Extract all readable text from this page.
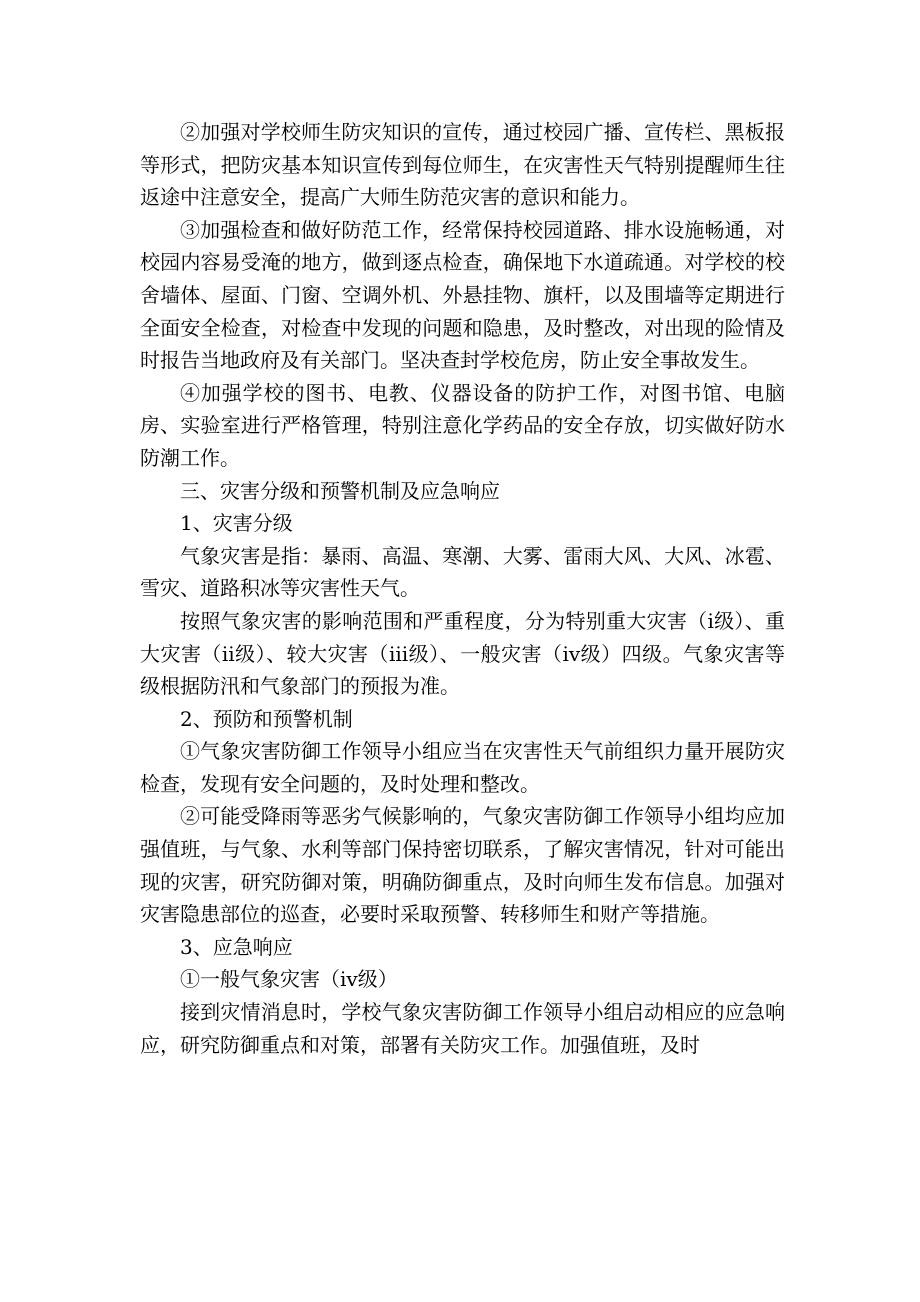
②加强对学校师生防灾知识的宣传，通过校园广播、宣传栏、黑板报等形式，把防灾基本知识宣传到每位师生，在灾害性天气特别提醒师生往返途中注意安全，提高广大师生防范灾害的意识和能力。

③加强检查和做好防范工作，经常保持校园道路、排水设施畅通，对校园内容易受淹的地方，做到逐点检查，确保地下水道疏通。对学校的校舍墙体、屋面、门窗、空调外机、外悬挂物、旗杆，以及围墙等定期进行全面安全检查，对检查中发现的问题和隐患，及时整改，对出现的险情及时报告当地政府及有关部门。坚决查封学校危房，防止安全事故发生。

④加强学校的图书、电教、仪器设备的防护工作，对图书馆、电脑房、实验室进行严格管理，特别注意化学药品的安全存放，切实做好防水防潮工作。

三、灾害分级和预警机制及应急响应

1、灾害分级

气象灾害是指：暴雨、高温、寒潮、大雾、雷雨大风、大风、冰雹、雪灾、道路积冰等灾害性天气。

按照气象灾害的影响范围和严重程度，分为特别重大灾害（ⅰ级）、重大灾害（ⅱ级）、较大灾害（ⅲ级）、一般灾害（ⅳ级）四级。气象灾害等级根据防汛和气象部门的预报为准。

2、预防和预警机制

①气象灾害防御工作领导小组应当在灾害性天气前组织力量开展防灾检查，发现有安全问题的，及时处理和整改。

②可能受降雨等恶劣气候影响的，气象灾害防御工作领导小组均应加强值班，与气象、水利等部门保持密切联系，了解灾害情况，针对可能出现的灾害，研究防御对策，明确防御重点，及时向师生发布信息。加强对灾害隐患部位的巡查，必要时采取预警、转移师生和财产等措施。

3、应急响应

①一般气象灾害（ⅳ级）

接到灾情消息时，学校气象灾害防御工作领导小组启动相应的应急响应，研究防御重点和对策，部署有关防灾工作。加强值班，及时
